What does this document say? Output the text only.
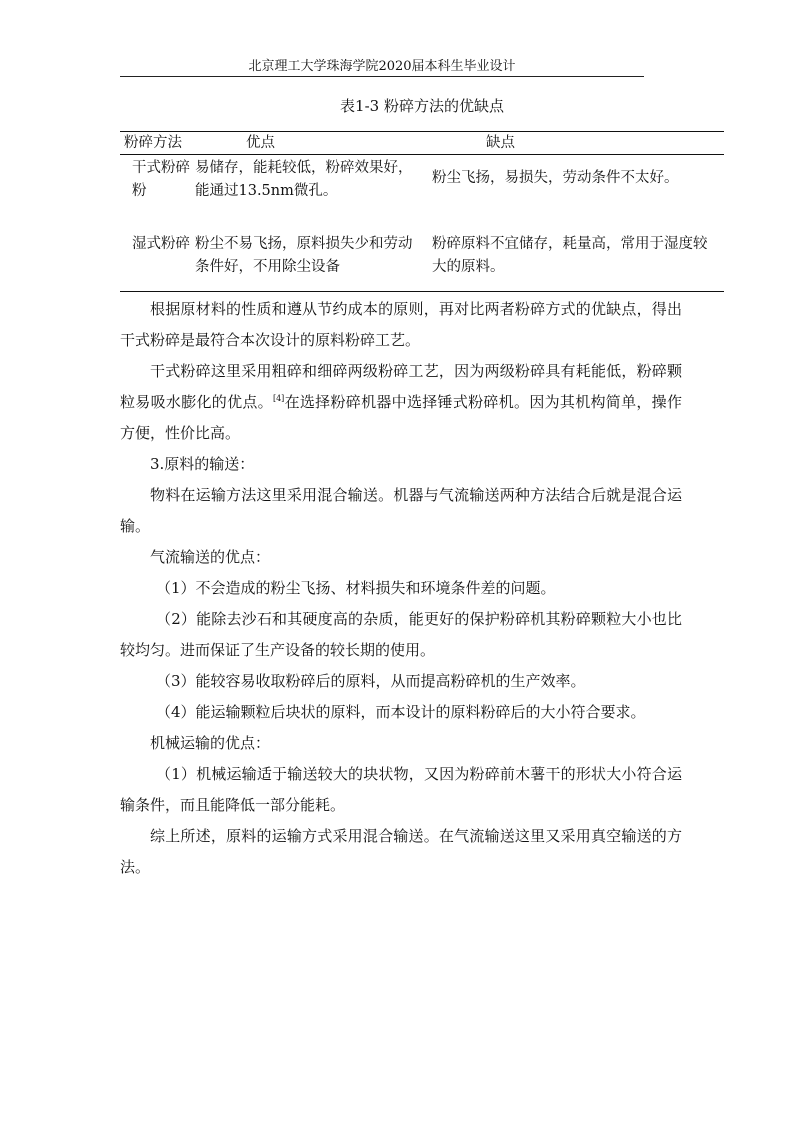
北京理工大学珠海学院2020届本科生毕业设计
表1-3 粉碎方法的优缺点
粉碎方法	优点	缺点
干式粉碎粉
易储存，能耗较低，粉碎效果好，能通过13.5nm微孔。
粉尘飞扬，易损失，劳动条件不太好。
湿式粉碎 粉尘不易飞扬，原料损失少和劳动条件好，不用除尘设备
粉碎原料不宜储存，耗量高，常用于湿度较大的原料。

根据原材料的性质和遵从节约成本的原则，再对比两者粉碎方式的优缺点，得出干式粉碎是最符合本次设计的原料粉碎工艺。

干式粉碎这里采用粗碎和细碎两级粉碎工艺，因为两级粉碎具有耗能低，粉碎颗粒易吸水膨化的优点。[4]在选择粉碎机器中选择锤式粉碎机。因为其机构简单，操作方便，性价比高。

3.原料的输送：

物料在运输方法这里采用混合输送。机器与气流输送两种方法结合后就是混合运输。

气流输送的优点：

（1）不会造成的粉尘飞扬、材料损失和环境条件差的问题。

（2）能除去沙石和其硬度高的杂质，能更好的保护粉碎机其粉碎颗粒大小也比较均匀。进而保证了生产设备的较长期的使用。

（3）能较容易收取粉碎后的原料，从而提高粉碎机的生产效率。

（4）能运输颗粒后块状的原料，而本设计的原料粉碎后的大小符合要求。

机械运输的优点：

（1）机械运输适于输送较大的块状物，又因为粉碎前木薯干的形状大小符合运输条件，而且能降低一部分能耗。

综上所述，原料的运输方式采用混合输送。在气流输送这里又采用真空输送的方法。
